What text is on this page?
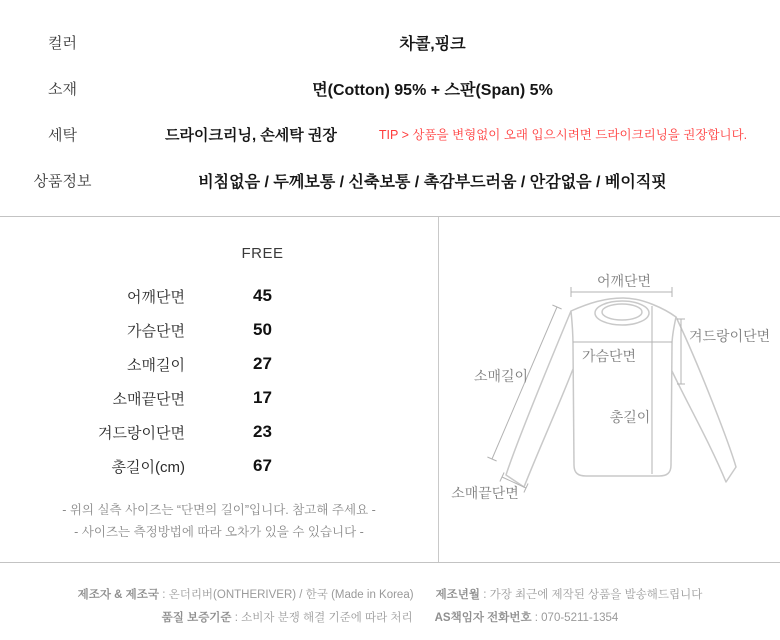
컬러	차콜,핑크
소재	면(Cotton) 95% + 스판(Span) 5%
세탁	드라이크리닝, 손세탁 권장	TIP > 상품을 변형없이 오래 입으시려면 드라이크리닝을 권장합니다.
상품정보	비침없음 / 두께보통 / 신축보통 / 촉감부드러움 / 안감없음 / 베이직핏
FREE
어깨단면	45
가슴단면	50
소매길이	27
소매끝단면	17
겨드랑이단면	23
총길이(cm)	67
- 위의 실측 사이즈는 “단면의 길이”입니다. 참고해 주세요 -
- 사이즈는 측정방법에 따라 오차가 있을 수 있습니다 -
어깨단면
겨드랑이단면
가슴단면
소매길이
총길이
소매끝단면
제조자 & 제조국 : 온더리버(ONTHERIVER) / 한국 (Made in Korea) 제조년월 : 가장 최근에 제작된 상품을 발송해드립니다
품질 보증기준 : 소비자 분쟁 해결 기준에 따라 처리 AS책임자 전화번호 : 070-5211-1354
